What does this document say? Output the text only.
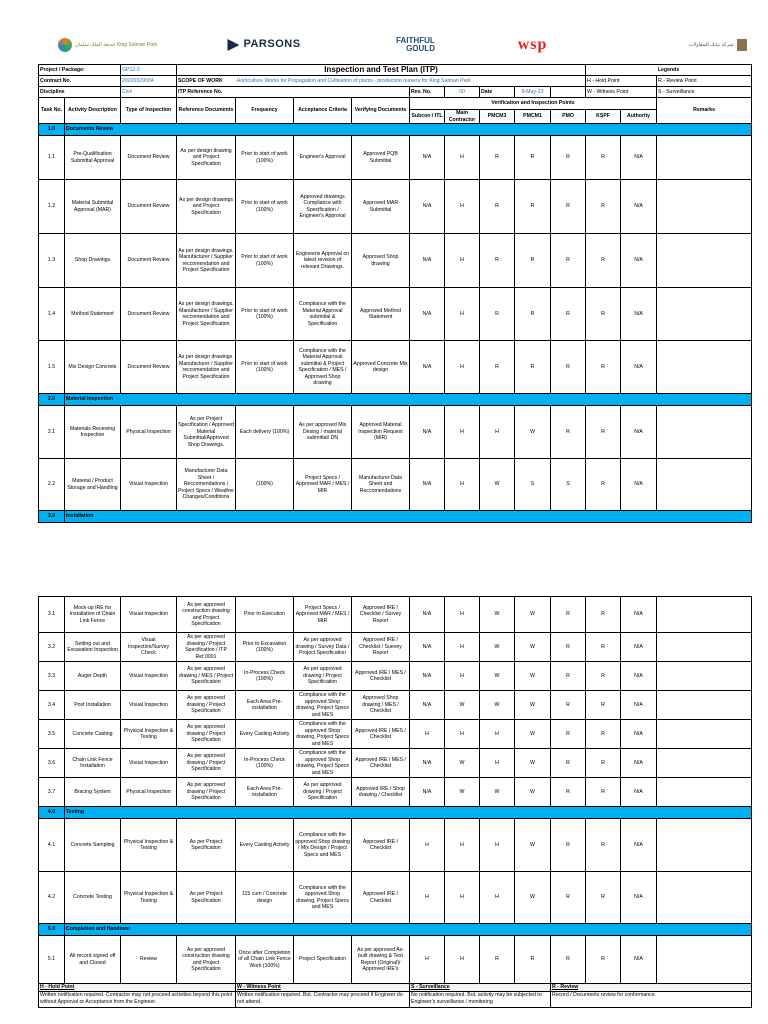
حديقة الملك سلمان King Salman Park			PARSONS			FAITHFUL
GOULD			wsp			شركة نيابك للمقاولات		

Project / Package:		GP12.0	Inspection and Test Plan (ITP)									Legends		
Contract No.		20200329004	SCOPE OF WORK	Horticulture Works for Propagation and Cultivation of plants - production nursery for King Salman Park								H - Hold Point		R - Review Point
Discipline		Civil	ITP Reference No.				Rev. No.	00	Date	8-May-23		W - Witness Point		S - Surveillance
Task No.	Activity Description	Type of Inspection	Reference Documents	Frequency	Acceptance Criteria	Verifying Documents	Verification and Inspection Points							Remarks
							Subcon / ITL	Main Contractor	PMCM3	PMCM1	PMO	KSPF	Authority	
1.0	Documents Review													
1.1	Pre-Qualification Submittal Approval	Document Review	As per design drawing and Project Specification	Prior to start of work (100%)	Engineer's Approval	Approved PQB Submittal	N/A	H	R	R	R	R	N/A	
1.2	Material Submittal Approval (MAR)	Document Review	As per design drawings and Project Specification	Prior to start of work (100%)	Approved drawings Compliance with Specification / Engineer's Approval	Approved MAR Submittal	N/A	H	R	R	R	R	N/A	
1.3	Shop Drawings	Document Review	As per design drawings. Manufacturer / Supplier reccomendation and Project Specification	Prior to start of work (100%)	Engineeris Approval on latest revision of relevant Drawings.	Approved Shop drawing	N/A	H	R	R	R	R	N/A	
1.4	Method Statement	Document Review	As per design drawings. Manufacturer / Supplier reccomendation and Project Specification	Prior to start of work (100%)	Compliance with the Material Approval submittal & Specification	Approved Method Statement	N/A	H	R	R	R	R	N/A	
1.5	Mix Design Concrete	Document Review	As per design drawings. Manufacturer / Supplier reccomendation and Project Specification	Prior to start of work (100%)	Compliance with the Material Approval submittal & Project Specification / MES / Approved Shop drawing	Approved Concrete Mix design	N/A	H	R	R	R	R	N/A	
2.0	Material Inspection													
2.1	Materials Receiving Inspection	Physical Inspection	As per Project Specification / Approved Material Submittal/Approved Shop Drawings.	Each delivery (100%)	As per approved Mix Desing / material submittal/ DN	Approved Material Inspection Request (MIR)	N/A	H	H	W	R	R	N/A	
2.2	Material / Product Storage and Handling	Visual Inspection	Manufacturer Data Sheet / Reccomendations / Project Specs / Weather Changes/Conditions	(100%)	Project Specs / Approved MAR / MES / MIR	Manufacturer Data Sheet and Reccomendations	N/A	H	W	S	S	R	N/A	
3.0	Installation													
3.1	Mock-up IRE for Installation of Chain Link Fence	Visual Inspection	As per approved construction drawing and Project Specification	Prior to Execution	Project Specs / Approved MAR / MES / MIR	Approved IRE / Checklist / Survey Report	N/A	H	W	W	R	R	N/A	
3.2	Setting out and Excavation Inspection	Visual Inspection/Survey Check	As per approved drawing / Project Specification / ITP Ref.0001	Prior to Excavation (100%)	As per approved drawing / Survey Data / Project Specification	Approved IRE / Checklist / Suevey Report	N/A	H	W	W	R	R	N/A	
3.3	Auger Depth	Visual Inspection	As per approved drawing / MES / Project Specification	In-Process Check (100%)	As per approved drawing / Project Specification	Approved IRE / MES / Checklist	N/A	H	W	W	R	R	N/A	
3.4	Post Installation	Visual Inspection	As per approved drawing / Project Specification	Each Area Pre-installation	Compliance with the approved Shop drawing, Project Specs and MES	Approved Shop drawing / MES / Checklist	N/A	W	W	W	R	R	N/A	
3.5	Concrete Casting	Physical Inspection & Testing	As per approved drawing / Project Specification	Every Casting Activity	Compliance with the approved Shop drawing, Project Specs and MES	Approved IRE / MES / Checklist	H	H	H	W	R	R	N/A	
3.6	Chain Link Fence Installation	Visual Inspection	As per approved drawing / Project Specification	In-Process Check (100%)	Compliance with the approved Shop drawing, Project Specs and MES	Approved IRE / MES / Checklist	N/A	W	H	W	R	R	N/A	
3.7	Bracing System	Physical Inspection	As per approved drawing / Project Specification	Each Area Pre-installation	As per approved drawing / Project Specification	Approved IRE / Shop drawing / Checklist	N/A	W	W	W	R	R	N/A	
4.0	Testing													
4.1	Concrete Sampling	Physical Inspection & Testing	As per Project Specification	Every Casting Activity	Compliance with the approved Shop drawing / Mix Design / Project Specs and MES	Approved IRE / Checklist	H	H	H	W	R	R	N/A	
4.2	Concrete Testing	Physical Inspection & Testing	As per Project Specification	115 cum / Concrete design	Compliance with the approved Shop drawing, Project Specs and MES	Approved IRE / Checklist	H	H	H	W	R	R	N/A	
5.0	Completion and Handover													
5.1	All record signed off and Closed	Review	As per approved construction drawing and Project Specification	Once after Completion of all Chain Link Fence Work (100%)	Project Specification	As per approved As-built drawing & Test Report (Original)/ Approved IRE's	H	H	R	R	R	R	N/A	
H - Hold Point				W - Witness Point			S - Surveillance				R - Review			
Written notification required. Contractor may not proceed activities beyond this point without Approval or Acceptance from the Engineer.				Written notification required. But. Contractor may proceed if Engineer do not attend.			No notification required. But. activity may be subjected to Engineer's surveillance / monitoring				Record / Documents review for conformance.			
